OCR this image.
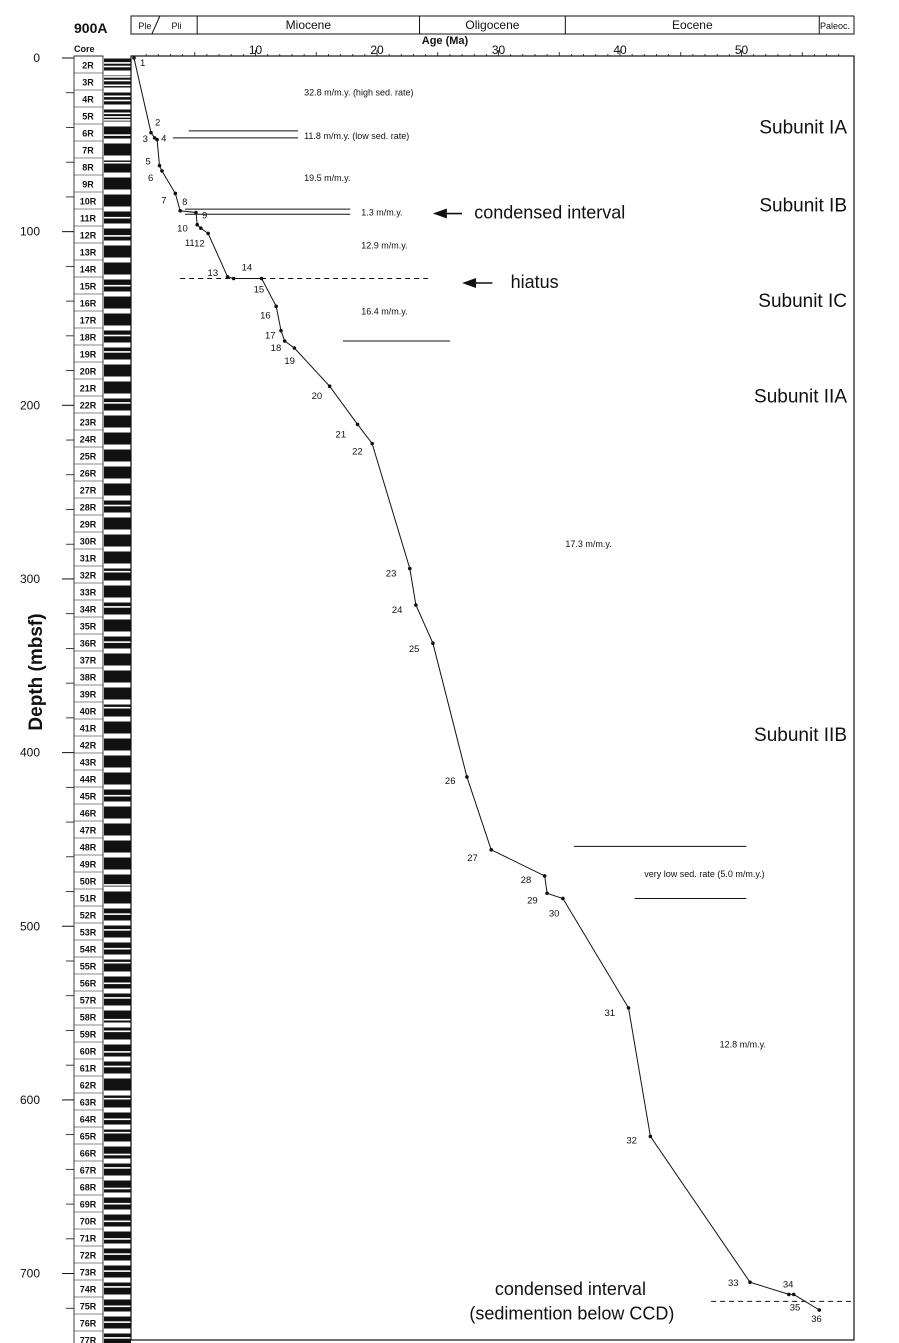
900A
Core
Depth (mbsf)
Age (Ma)
2R
3R
4R
5R
6R
7R
8R
9R
10R
11R
12R
13R
14R
15R
16R
17R
18R
19R
20R
21R
22R
23R
24R
25R
26R
27R
28R
29R
30R
31R
32R
33R
34R
35R
36R
37R
38R
39R
40R
41R
42R
43R
44R
45R
46R
47R
48R
49R
50R
51R
52R
53R
54R
55R
56R
57R
58R
59R
60R
61R
62R
63R
64R
65R
66R
67R
68R
69R
70R
71R
72R
73R
74R
75R
76R
77R
0
100
200
300
400
500
600
700
Ple Pli	Miocene	Oligocene	Eocene	Paleoc.
10	20	30	40	50
1
2
3 4
5
6
7 8
9
10
11 12
13 14
15
16
17
18
19
20
21
22
23
24
25
26
27
28
29
30
31
32
33	34
35
36
32.8 m/m.y. (high sed. rate)
11.8 m/m.y. (low sed. rate)
19.5 m/m.y.
1.3 m/m.y.
12.9 m/m.y.
16.4 m/m.y.
17.3 m/m.y.
very low sed. rate (5.0 m/m.y.)
12.8 m/m.y.
condensed interval
hiatus
condensed interval
(sedimention below CCD)
Subunit IA
Subunit IB
Subunit IC
Subunit IIA
Subunit IIB
